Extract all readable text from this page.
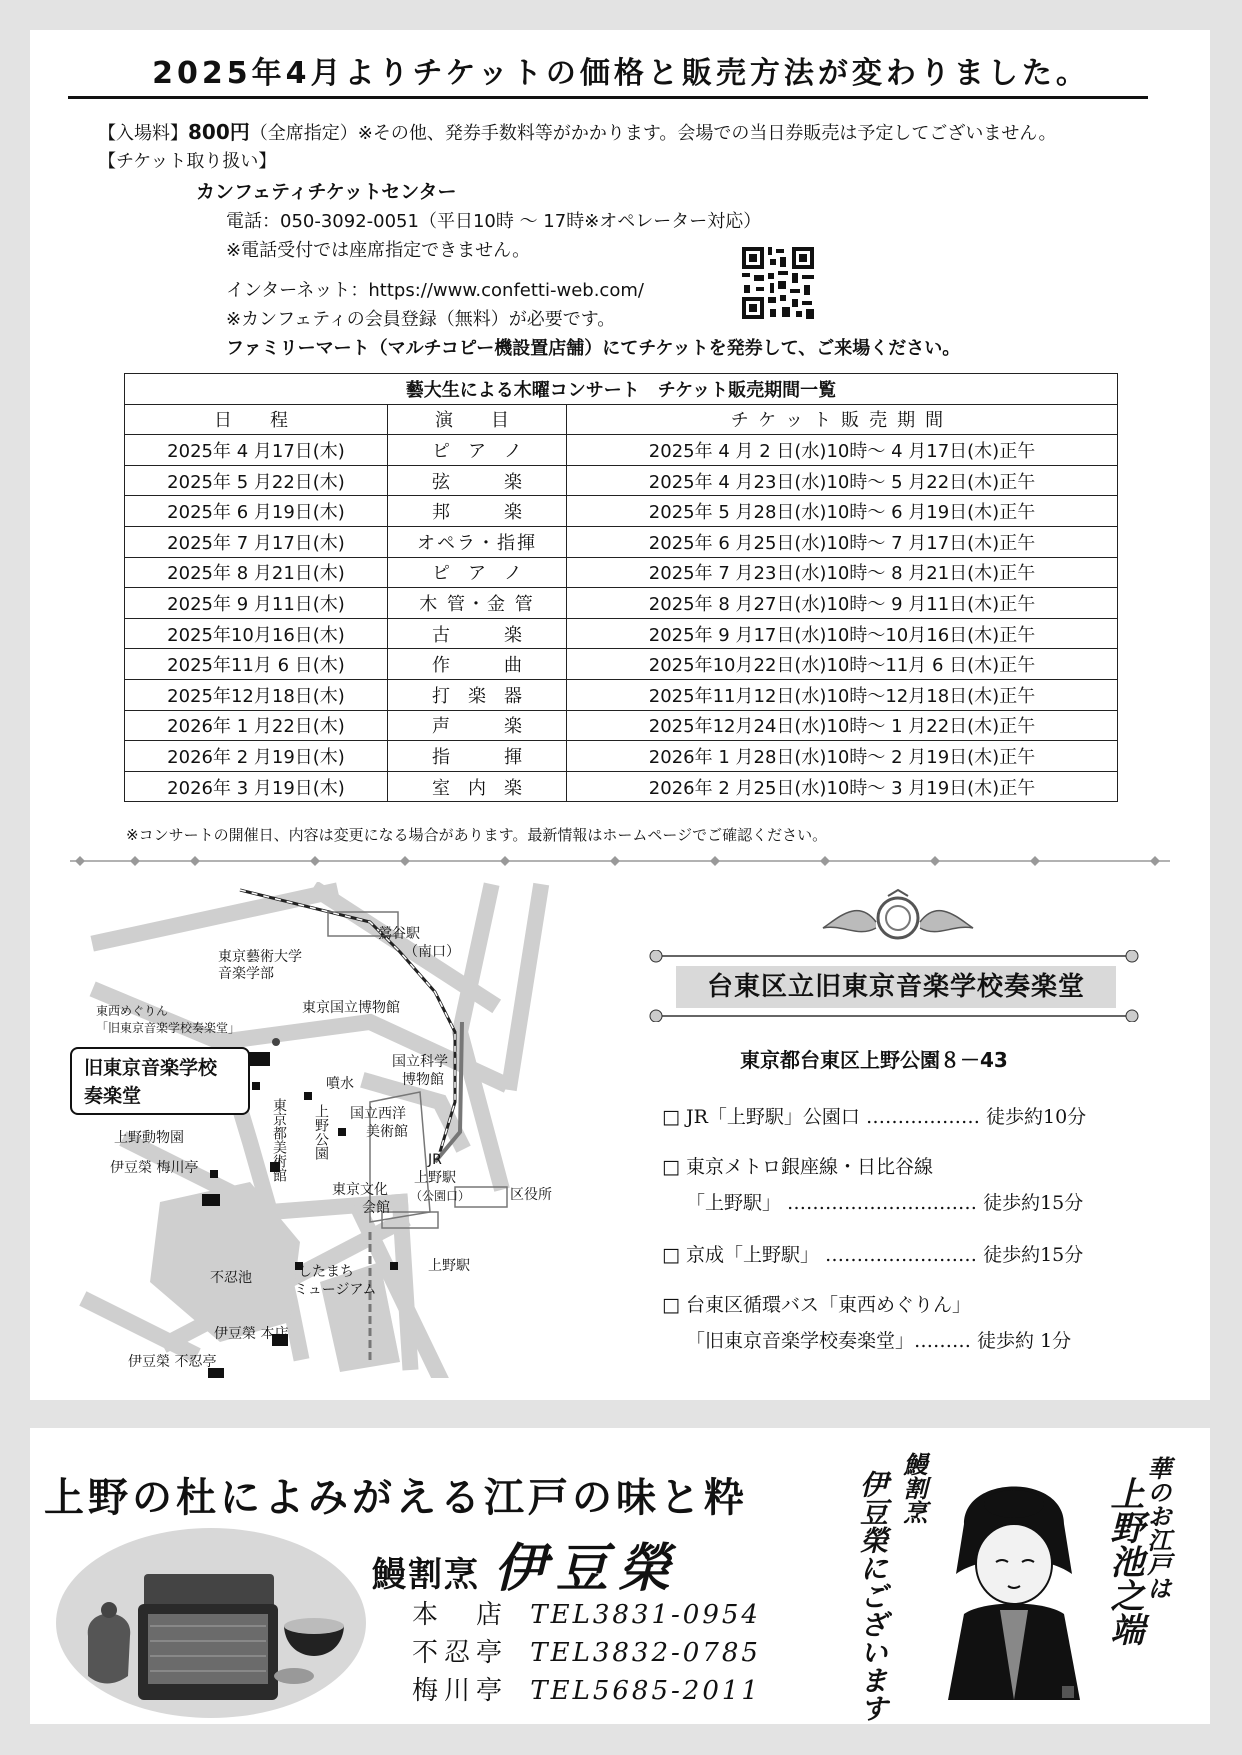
2025年4月よりチケットの価格と販売方法が変わりました。
【入場料】800円（全席指定）※その他、発券手数料等がかかります。会場での当日券販売は予定してございません。
【チケット取り扱い】
カンフェティチケットセンター
電話：050-3092-0051（平日10時 ～ 17時※オペレーター対応）
※電話受付では座席指定できません。
インターネット：https://www.confetti-web.com/
※カンフェティの会員登録（無料）が必要です。
ファミリーマート（マルチコピー機設置店舗）にてチケットを発券して、ご来場ください。
藝大生による木曜コンサート　チケット販売期間一覧		
日　程	演　目	チケット販売期間
2025年 4 月17日(木)	ピ　ア　ノ	2025年 4 月 2 日(水)10時～ 4 月17日(木)正午
2025年 5 月22日(木)	弦　　　楽	2025年 4 月23日(水)10時～ 5 月22日(木)正午
2025年 6 月19日(木)	邦　　　楽	2025年 5 月28日(水)10時～ 6 月19日(木)正午
2025年 7 月17日(木)	オペラ・指揮	2025年 6 月25日(水)10時～ 7 月17日(木)正午
2025年 8 月21日(木)	ピ　ア　ノ	2025年 7 月23日(水)10時～ 8 月21日(木)正午
2025年 9 月11日(木)	木 管・金 管	2025年 8 月27日(水)10時～ 9 月11日(木)正午
2025年10月16日(木)	古　　　楽	2025年 9 月17日(水)10時～10月16日(木)正午
2025年11月 6 日(木)	作　　　曲	2025年10月22日(水)10時～11月 6 日(木)正午
2025年12月18日(木)	打　楽　器	2025年11月12日(水)10時～12月18日(木)正午
2026年 1 月22日(木)	声　　　楽	2025年12月24日(水)10時～ 1 月22日(木)正午
2026年 2 月19日(木)	指　　　揮	2026年 1 月28日(水)10時～ 2 月19日(木)正午
2026年 3 月19日(木)	室　内　楽	2026年 2 月25日(水)10時～ 3 月19日(木)正午
※コンサートの開催日、内容は変更になる場合があります。最新情報はホームページでご確認ください。
鶯谷駅
（南口）
東京藝術大学
音楽学部
東京国立博物館
東西めぐりん
「旧東京音楽学校奏楽堂」
国立科学
博物館
噴水
国立西洋
美術館
東京都美術館 上野公園	JR
上野駅
（公園口）
東京文化
会館
区役所
上野動物園
伊豆榮 梅川亭
不忍池	したまち
ミュージアム
上野駅
伊豆榮 本店
伊豆榮 不忍亭
旧東京音楽学校
奏楽堂
台東区立旧東京音楽学校奏楽堂
東京都台東区上野公園８－43
□ JR「上野駅」公園口 ……………… 徒歩約10分
□ 東京メトロ銀座線・日比谷線
「上野駅」 ………………………… 徒歩約15分
□ 京成「上野駅」 …………………… 徒歩約15分
□ 台東区循環バス「東西めぐりん」
「旧東京音楽学校奏楽堂」……… 徒歩約 1分
上野の杜によみがえる江戸の味と粋
鰻割烹 伊豆榮
本　店 TEL3831-0954
不忍亭 TEL3832-0785
梅川亭 TEL5685-2011
鰻割烹
伊豆榮にございます	華のお江戸は
上野池之端
